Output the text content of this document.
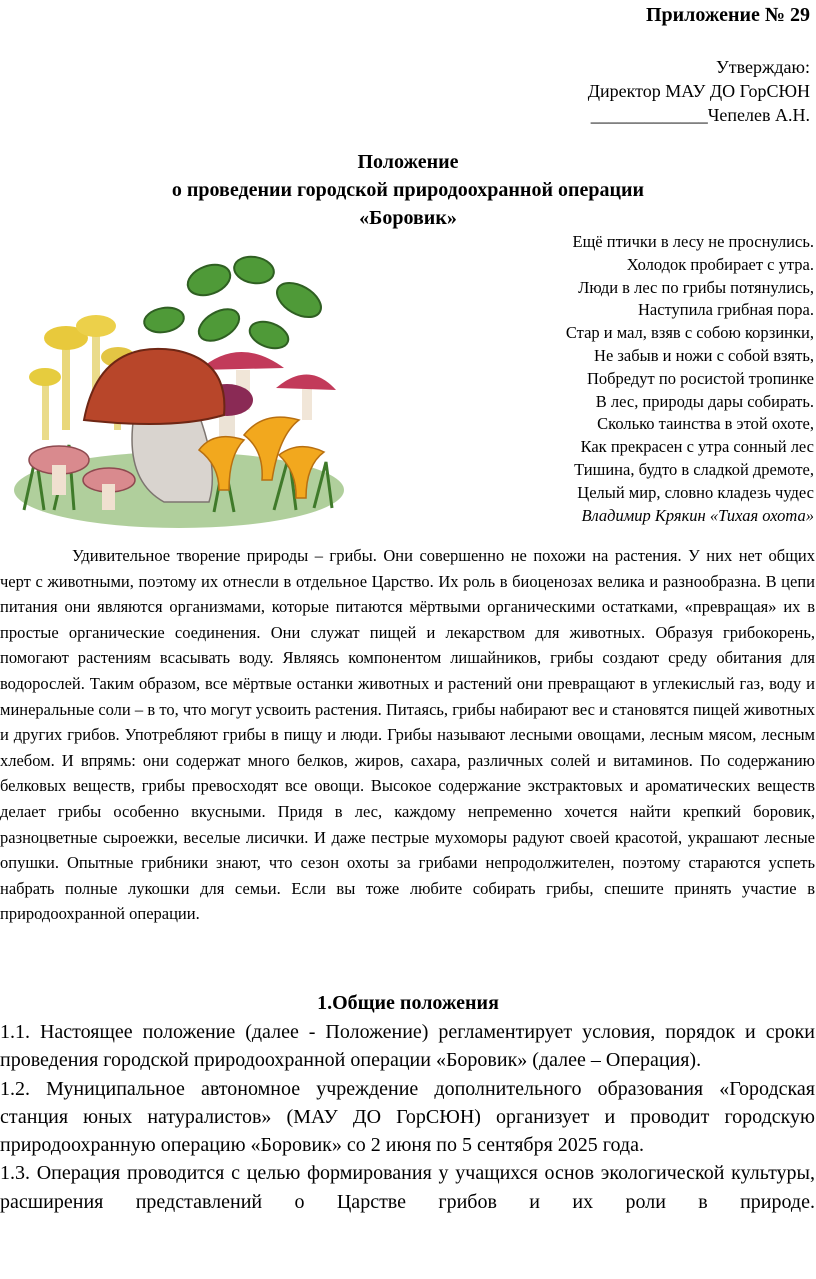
Приложение № 29
Утверждаю:
Директор МАУ ДО ГорСЮН
_____________Чепелев А.Н.
Положение
о проведении городской природоохранной операции
«Боровик»
Ещё птички в лесу не проснулись.
Холодок пробирает с утра.
Люди в лес по грибы потянулись,
Наступила грибная пора.
Стар и мал, взяв с собою корзинки,
Не забыв и ножи с собой взять,
Побредут по росистой тропинке
В лес, природы дары собирать.
Сколько таинства в этой охоте,
Как прекрасен с утра сонный лес
Тишина, будто в сладкой дремоте,
Целый мир, словно кладезь чудес
Владимир Крякин «Тихая охота»

Удивительное творение природы – грибы. Они совершенно не похожи на растения. У них нет общих черт с животными, поэтому их отнесли в отдельное Царство. Их роль в биоценозах велика и разнообразна. В цепи питания они являются организмами, которые питаются мёртвыми органическими остатками, «превращая» их в простые органические соединения. Они служат пищей и лекарством для животных. Образуя грибокорень, помогают растениям всасывать воду. Являясь компонентом лишайников, грибы создают среду обитания для водорослей. Таким образом, все мёртвые останки животных и растений они превращают в углекислый газ, воду и минеральные соли – в то, что могут усвоить растения. Питаясь, грибы набирают вес и становятся пищей животных и других грибов. Употребляют грибы в пищу и люди. Грибы называют лесными овощами, лесным мясом, лесным хлебом. И впрямь: они содержат много белков, жиров, сахара, различных солей и витаминов. По содержанию белковых веществ, грибы превосходят все овощи. Высокое содержание экстрактовых и ароматических веществ делает грибы особенно вкусными. Придя в лес, каждому непременно хочется найти крепкий боровик, разноцветные сыроежки, веселые лисички. И даже пестрые мухоморы радуют своей красотой, украшают лесные опушки. Опытные грибники знают, что сезон охоты за грибами непродолжителен, поэтому стараются успеть набрать полные лукошки для семьи. Если вы тоже любите собирать грибы, спешите принять участие в природоохранной операции.

1.Общие положения

1.1. Настоящее положение (далее - Положение) регламентирует условия, порядок и сроки проведения городской природоохранной операции «Боровик» (далее – Операция).

1.2. Муниципальное автономное учреждение дополнительного образования «Городская станция юных натуралистов» (МАУ ДО ГорСЮН) организует и проводит городскую природоохранную операцию «Боровик» со 2 июня по 5 сентября 2025 года.

1.3. Операция проводится с целью формирования у учащихся основ экологической культуры, расширения представлений о Царстве грибов и их роли в природе.
